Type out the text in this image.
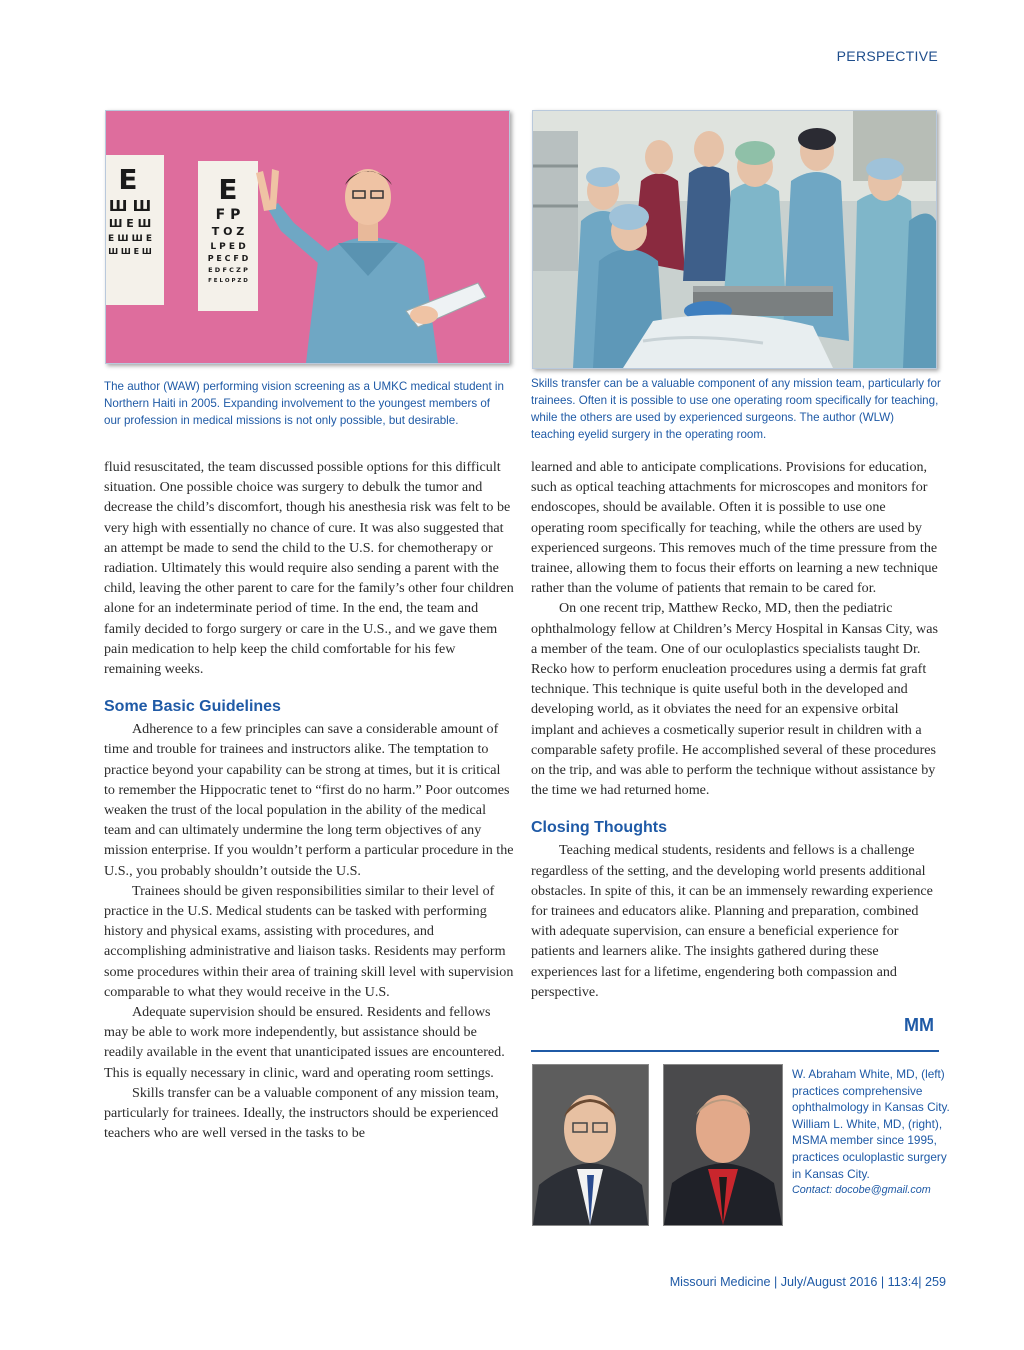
PERSPECTIVE
E
Ш Ш
Ш E Ш
E Ш Ш E
Ш Ш E Ш
E
F P
T O Z
L P E D
P E C F D
E D F C Z P
F E L O P Z D
The author (WAW) performing vision screening as a UMKC medical student in Northern Haiti in 2005. Expanding involvement to the youngest members of our profession in medical missions is not only possible, but desirable.
Skills transfer can be a valuable component of any mission team, particularly for trainees. Often it is possible to use one operating room specifically for teaching, while the others are used by experienced surgeons. The author (WLW) teaching eyelid surgery in the operating room.

fluid resuscitated, the team discussed possible options for this difficult situation. One possible choice was surgery to debulk the tumor and decrease the child’s discomfort, though his anesthesia risk was felt to be very high with essentially no chance of cure. It was also suggested that an attempt be made to send the child to the U.S. for chemotherapy or radiation. Ultimately this would require also sending a parent with the child, leaving the other parent to care for the family’s other four children alone for an indeterminate period of time. In the end, the team and family decided to forgo surgery or care in the U.S., and we gave them pain medication to help keep the child comfortable for his few remaining weeks.

Some Basic Guidelines

Adherence to a few principles can save a considerable amount of time and trouble for trainees and instructors alike. The temptation to practice beyond your capability can be strong at times, but it is critical to remember the Hippocratic tenet to “first do no harm.” Poor outcomes weaken the trust of the local population in the ability of the medical team and can ultimately undermine the long term objectives of any mission enterprise. If you wouldn’t perform a particular procedure in the U.S., you probably shouldn’t outside the U.S.

Trainees should be given responsibilities similar to their level of practice in the U.S. Medical students can be tasked with performing history and physical exams, assisting with procedures, and accomplishing administrative and liaison tasks. Residents may perform some procedures within their area of training skill level with supervision comparable to what they would receive in the U.S.

Adequate supervision should be ensured. Residents and fellows may be able to work more independently, but assistance should be readily available in the event that unanticipated issues are encountered. This is equally necessary in clinic, ward and operating room settings.

Skills transfer can be a valuable component of any mission team, particularly for trainees. Ideally, the instructors should be experienced teachers who are well versed in the tasks to be

learned and able to anticipate complications. Provisions for education, such as optical teaching attachments for microscopes and monitors for endoscopes, should be available. Often it is possible to use one operating room specifically for teaching, while the others are used by experienced surgeons. This removes much of the time pressure from the trainee, allowing them to focus their efforts on learning a new technique rather than the volume of patients that remain to be cared for.

On one recent trip, Matthew Recko, MD, then the pediatric ophthalmology fellow at Children’s Mercy Hospital in Kansas City, was a member of the team. One of our oculoplastics specialists taught Dr. Recko how to perform enucleation procedures using a dermis fat graft technique. This technique is quite useful both in the developed and developing world, as it obviates the need for an expensive orbital implant and achieves a cosmetically superior result in children with a comparable safety profile. He accomplished several of these procedures on the trip, and was able to perform the technique without assistance by the time we had returned home.

Closing Thoughts

Teaching medical students, residents and fellows is a challenge regardless of the setting, and the developing world presents additional obstacles. In spite of this, it can be an immensely rewarding experience for trainees and educators alike. Planning and preparation, combined with adequate supervision, can ensure a beneficial experience for patients and learners alike. The insights gathered during these experiences last for a lifetime, engendering both compassion and perspective.

MM
W. Abraham White, MD, (left) practices comprehensive ophthalmology in Kansas City. William L. White, MD, (right), MSMA member since 1995, practices oculoplastic surgery in Kansas City.
Contact: docobe@gmail.com
Missouri Medicine | July/August 2016 | 113:4| 259
